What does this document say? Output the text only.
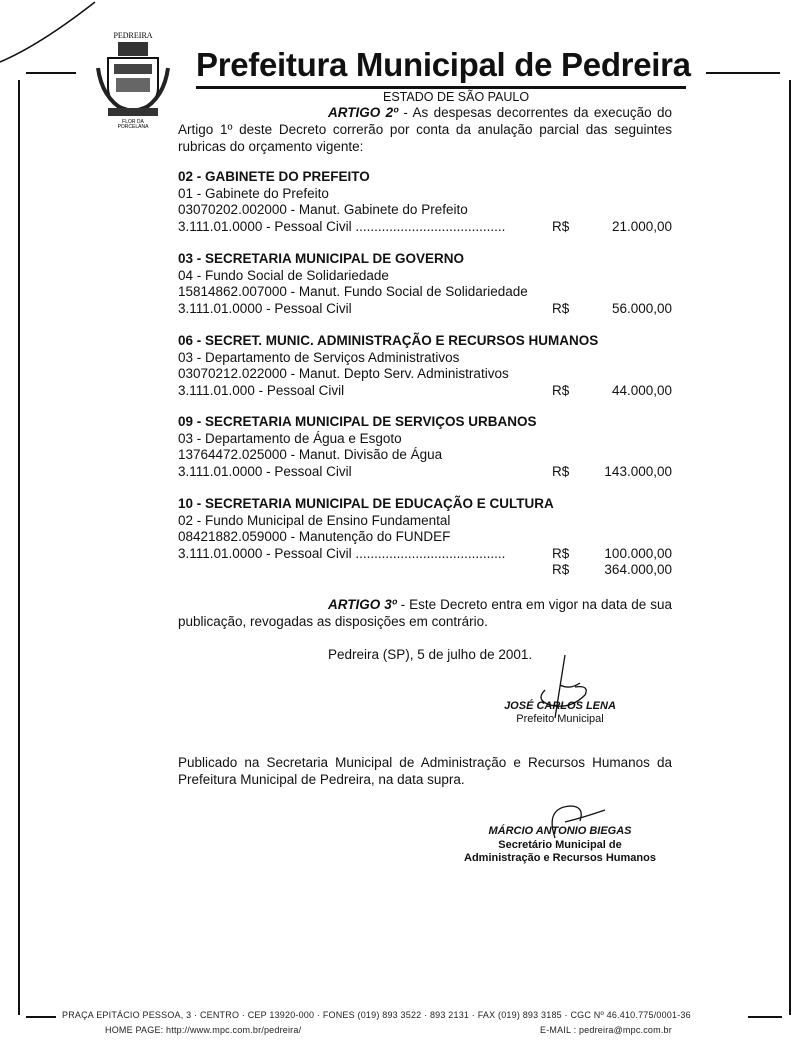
PEDREIRA
FLOR DA
PORCELANA
Prefeitura Municipal de Pedreira
ESTADO DE SÃO PAULO
ARTIGO 2º - As despesas decorrentes da execução do Artigo 1º deste Decreto correrão por conta da anulação parcial das seguintes rubricas do orçamento vigente:
02 - GABINETE DO PREFEITO
01 - Gabinete do Prefeito
03070202.002000 - Manut. Gabinete do Prefeito
3.111.01.0000 - Pessoal Civil ........................................	R$	21.000,00
03 - SECRETARIA MUNICIPAL DE GOVERNO
04 - Fundo Social de Solidariedade
15814862.007000 - Manut. Fundo Social de Solidariedade
3.111.01.0000 - Pessoal Civil	R$	56.000,00
06 - SECRET. MUNIC. ADMINISTRAÇÃO E RECURSOS HUMANOS
03 - Departamento de Serviços Administrativos
03070212.022000 - Manut. Depto Serv. Administrativos
3.111.01.000 - Pessoal Civil	R$	44.000,00
09 - SECRETARIA MUNICIPAL DE SERVIÇOS URBANOS
03 - Departamento de Água e Esgoto
13764472.025000 - Manut. Divisão de Água
3.111.01.0000 - Pessoal Civil	R$	143.000,00
10 - SECRETARIA MUNICIPAL DE EDUCAÇÃO E CULTURA
02 - Fundo Municipal de Ensino Fundamental
08421882.059000 - Manutenção do FUNDEF
3.111.01.0000 - Pessoal Civil ........................................	R$	100.000,00
R$	364.000,00
ARTIGO 3º - Este Decreto entra em vigor na data de sua publicação, revogadas as disposições em contrário.
Pedreira (SP), 5 de julho de 2001.
JOSÉ CARLOS LENA
Prefeito Municipal
Publicado na Secretaria Municipal de Administração e Recursos Humanos da Prefeitura Municipal de Pedreira, na data supra.
MÁRCIO ANTONIO BIEGAS
Secretário Municipal de
Administração e Recursos Humanos
PRAÇA EPITÁCIO PESSOA, 3 · CENTRO · CEP 13920-000 · FONES (019) 893 3522 · 893 2131 · FAX (019) 893 3185 · CGC Nº 46.410.775/0001-36
HOME PAGE: http://www.mpc.com.br/pedreira/	E-MAIL : pedreira@mpc.com.br
